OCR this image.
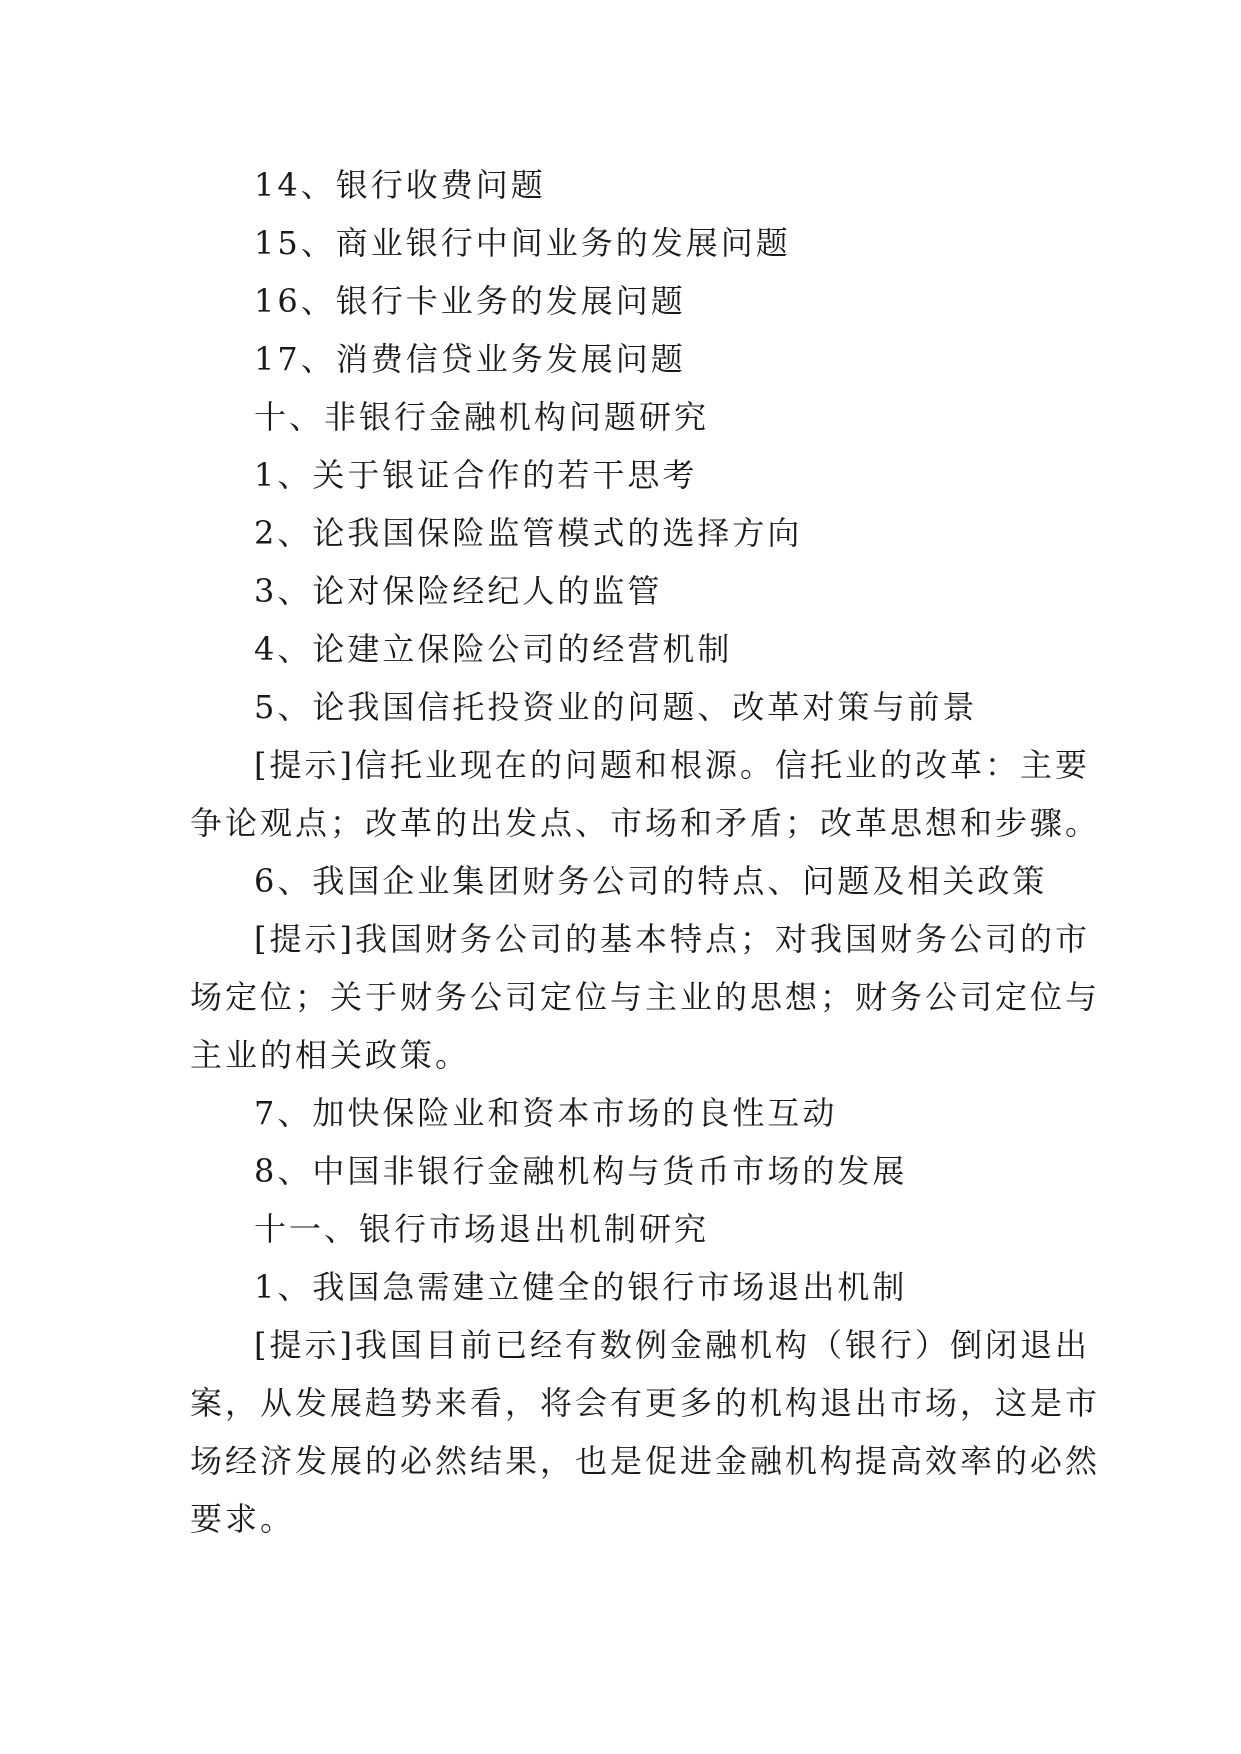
14、银行收费问题
15、商业银行中间业务的发展问题
16、银行卡业务的发展问题
17、消费信贷业务发展问题
十、非银行金融机构问题研究
1、关于银证合作的若干思考
2、论我国保险监管模式的选择方向
3、论对保险经纪人的监管
4、论建立保险公司的经营机制
5、论我国信托投资业的问题、改革对策与前景
[提示]信托业现在的问题和根源。信托业的改革：主要
争论观点；改革的出发点、市场和矛盾；改革思想和步骤。
6、我国企业集团财务公司的特点、问题及相关政策
[提示]我国财务公司的基本特点；对我国财务公司的市
场定位；关于财务公司定位与主业的思想；财务公司定位与
主业的相关政策。
7、加快保险业和资本市场的良性互动
8、中国非银行金融机构与货币市场的发展
十一、银行市场退出机制研究
1、我国急需建立健全的银行市场退出机制
[提示]我国目前已经有数例金融机构（银行）倒闭退出
案，从发展趋势来看，将会有更多的机构退出市场，这是市
场经济发展的必然结果，也是促进金融机构提高效率的必然
要求。
